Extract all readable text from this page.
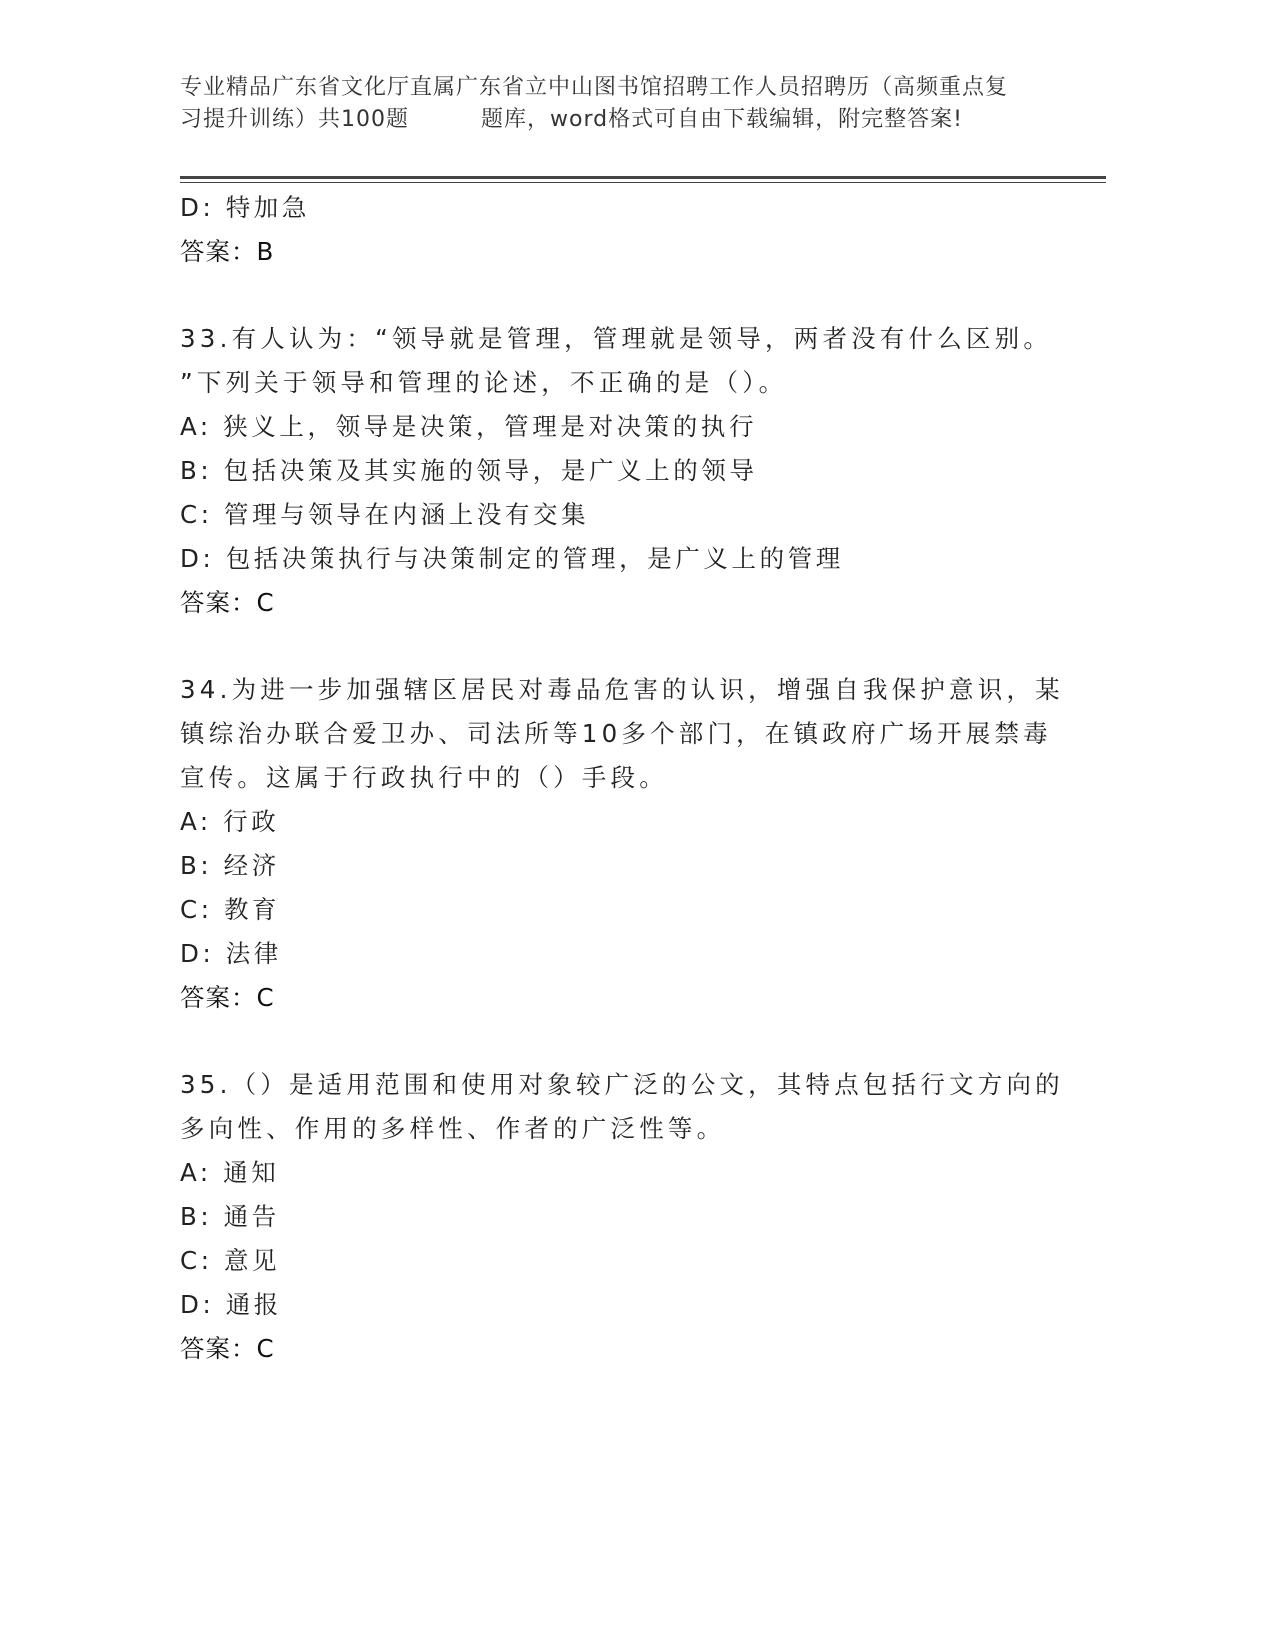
专业精品广东省文化厅直属广东省立中山图书馆招聘工作人员招聘历（高频重点复
习提升训练）共100题	题库，word格式可自由下载编辑，附完整答案!
D: 特加急
答案：B
33.有人认为：“领导就是管理，管理就是领导，两者没有什么区别。
”下列关于领导和管理的论述，不正确的是（）。
A: 狭义上，领导是决策，管理是对决策的执行
B: 包括决策及其实施的领导，是广义上的领导
C: 管理与领导在内涵上没有交集
D: 包括决策执行与决策制定的管理，是广义上的管理
答案：C
34.为进一步加强辖区居民对毒品危害的认识，增强自我保护意识，某
镇综治办联合爱卫办、司法所等10多个部门，在镇政府广场开展禁毒
宣传。这属于行政执行中的（）手段。
A: 行政
B: 经济
C: 教育
D: 法律
答案：C
35.（）是适用范围和使用对象较广泛的公文，其特点包括行文方向的
多向性、作用的多样性、作者的广泛性等。
A: 通知
B: 通告
C: 意见
D: 通报
答案：C
